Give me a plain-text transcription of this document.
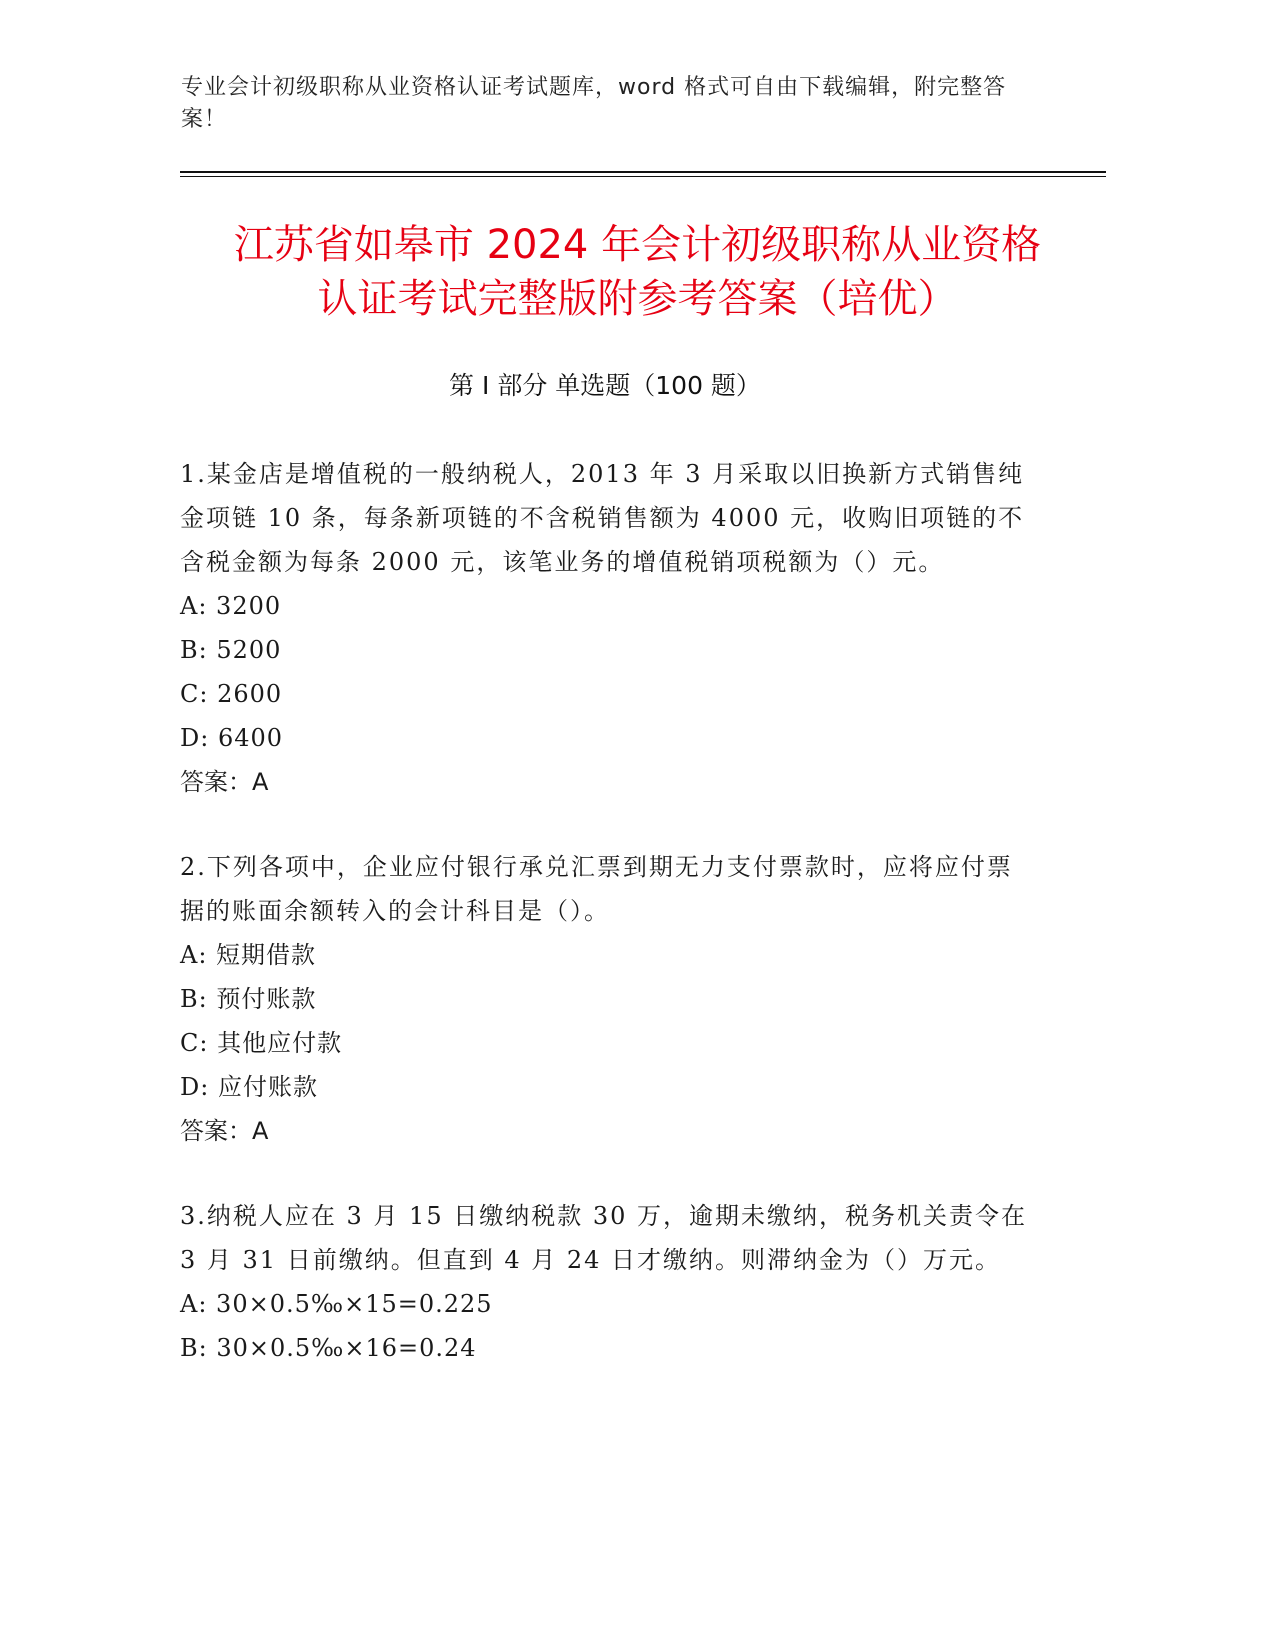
专业会计初级职称从业资格认证考试题库，word 格式可自由下载编辑，附完整答案！
江苏省如皋市 2024 年会计初级职称从业资格
认证考试完整版附参考答案（培优）
第 I 部分 单选题（100 题）

1.某金店是增值税的一般纳税人，2013 年 3 月采取以旧换新方式销售纯金项链 10 条，每条新项链的不含税销售额为 4000 元，收购旧项链的不含税金额为每条 2000 元，该笔业务的增值税销项税额为（）元。

A: 3200

B: 5200

C: 2600

D: 6400

答案：A

2.下列各项中，企业应付银行承兑汇票到期无力支付票款时，应将应付票据的账面余额转入的会计科目是（）。

A: 短期借款

B: 预付账款

C: 其他应付款

D: 应付账款

答案：A

3.纳税人应在 3 月 15 日缴纳税款 30 万，逾期未缴纳，税务机关责令在 3 月 31 日前缴纳。但直到 4 月 24 日才缴纳。则滞纳金为（）万元。

A: 30×0.5‰×15=0.225

B: 30×0.5‰×16=0.24
